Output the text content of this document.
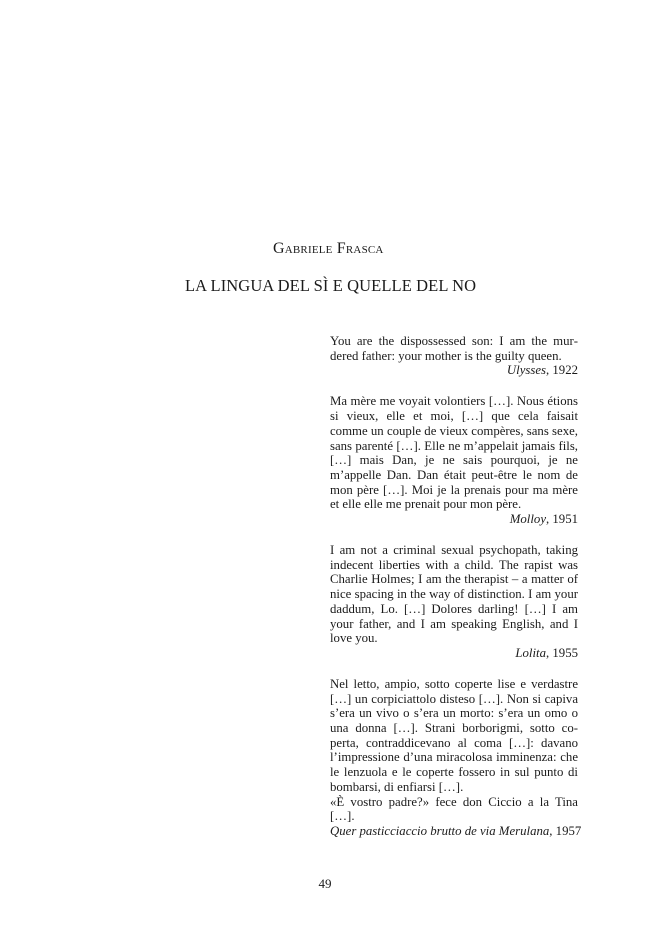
Gabriele Frasca
LA LINGUA DEL SÌ E QUELLE DEL NO

You are the dispossessed son: I am the murdered father: your mother is the guilty queen.

Ulysses, 1922

Ma mère me voyait volontiers […]. Nous étions si vieux, elle et moi, […] que cela faisait comme un couple de vieux compères, sans sexe, sans parenté […]. Elle ne m’appelait jamais fils, […] mais Dan, je ne sais pourquoi, je ne m’appelle Dan. Dan était peut-être le nom de mon père […]. Moi je la prenais pour ma mère et elle elle me prenait pour mon père.

Molloy, 1951

I am not a criminal sexual psychopath, taking indecent liberties with a child. The rapist was Charlie Holmes; I am the therapist – a matter of nice spacing in the way of distinction. I am your daddum, Lo. […] Dolores darling! […] I am your father, and I am speaking English, and I love you.

Lolita, 1955

Nel letto, ampio, sotto coperte lise e verdastre […] un corpiciattolo disteso […]. Non si capiva s’era un vivo o s’era un morto: s’era un omo o una donna […]. Strani borborigmi, sotto coperta, contraddicevano al coma […]: davano l’impressione d’una miracolosa imminenza: che le lenzuola e le coperte fossero in sul punto di bombarsi, di enfiarsi […].

«È vostro padre?» fece don Ciccio a la Tina […].

Quer pasticciaccio brutto de via Merulana, 1957
49
